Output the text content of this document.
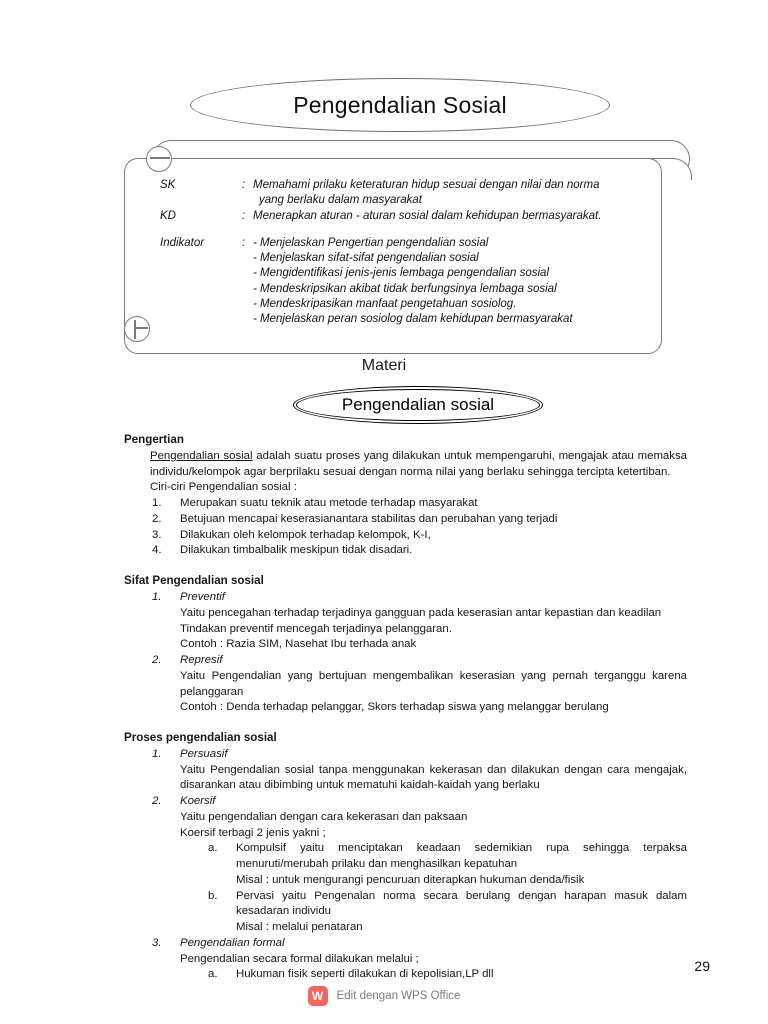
Pengendalian Sosial
SK	: Memahami prilaku keteraturan hidup sesuai dengan nilai dan norma
yang berlaku dalam masyarakat
KD	: Menerapkan aturan - aturan sosial dalam kehidupan bermasyarakat.
Indikator	: - Menjelaskan Pengertian pengendalian sosial
- Menjelaskan sifat-sifat pengendalian sosial
- Mengidentifikasi jenis-jenis lembaga pengendalian sosial
- Mendeskripsikan akibat tidak berfungsinya lembaga sosial
- Mendeskripasikan manfaat pengetahuan sosiolog.
- Menjelaskan peran sosiolog dalam kehidupan bermasyarakat
Materi
Pengendalian sosial
Pengertian

Pengendalian sosial adalah suatu proses yang dilakukan untuk mempengaruhi, mengajak atau memaksa individu/kelompok agar berprilaku sesuai dengan norma nilai yang berlaku sehingga tercipta ketertiban.

Ciri-ciri Pengendalian sosial :

1.	Merupakan suatu teknik atau metode terhadap masyarakat
2.	Betujuan mencapai keserasianantara stabilitas dan perubahan yang terjadi
3.	Dilakukan oleh kelompok terhadap kelompok, K-I,
4.	Dilakukan timbalbalik meskipun tidak disadari.
Sifat Pengendalian sosial
1.	Preventif

Yaitu pencegahan terhadap terjadinya gangguan pada keserasian antar kepastian dan keadilan

Tindakan preventif mencegah terjadinya pelanggaran.

Contoh : Razia SIM, Nasehat Ibu terhada anak

2.	Represif

Yaitu Pengendalian yang bertujuan mengembalikan keserasian yang pernah terganggu karena pelanggaran

Contoh : Denda terhadap pelanggar, Skors terhadap siswa yang melanggar berulang

Proses pengendalian sosial
1.	Persuasif

Yaitu Pengendalian sosial tanpa menggunakan kekerasan dan dilakukan dengan cara mengajak, disarankan atau dibimbing untuk mematuhi kaidah-kaidah yang berlaku

2.	Koersif

Yaitu pengendalian dengan cara kekerasan dan paksaan

Koersif terbagi 2 jenis yakni ;

a.	Kompulsif yaitu menciptakan keadaan sedemikian rupa sehingga terpaksa menuruti/merubah prilaku dan menghasilkan kepatuhan

Misal : untuk mengurangi pencuruan diterapkan hukuman denda/fisik

b.	Pervasi yaitu Pengenalan norma secara berulang dengan harapan masuk dalam kesadaran individu

Misal : melalui penataran

3.	Pengendalian formal

Pengendalian secara formal dilakukan melalui ;

a.	Hukuman fisik seperti dilakukan di kepolisian,LP dll

29
W	Edit dengan WPS Office
